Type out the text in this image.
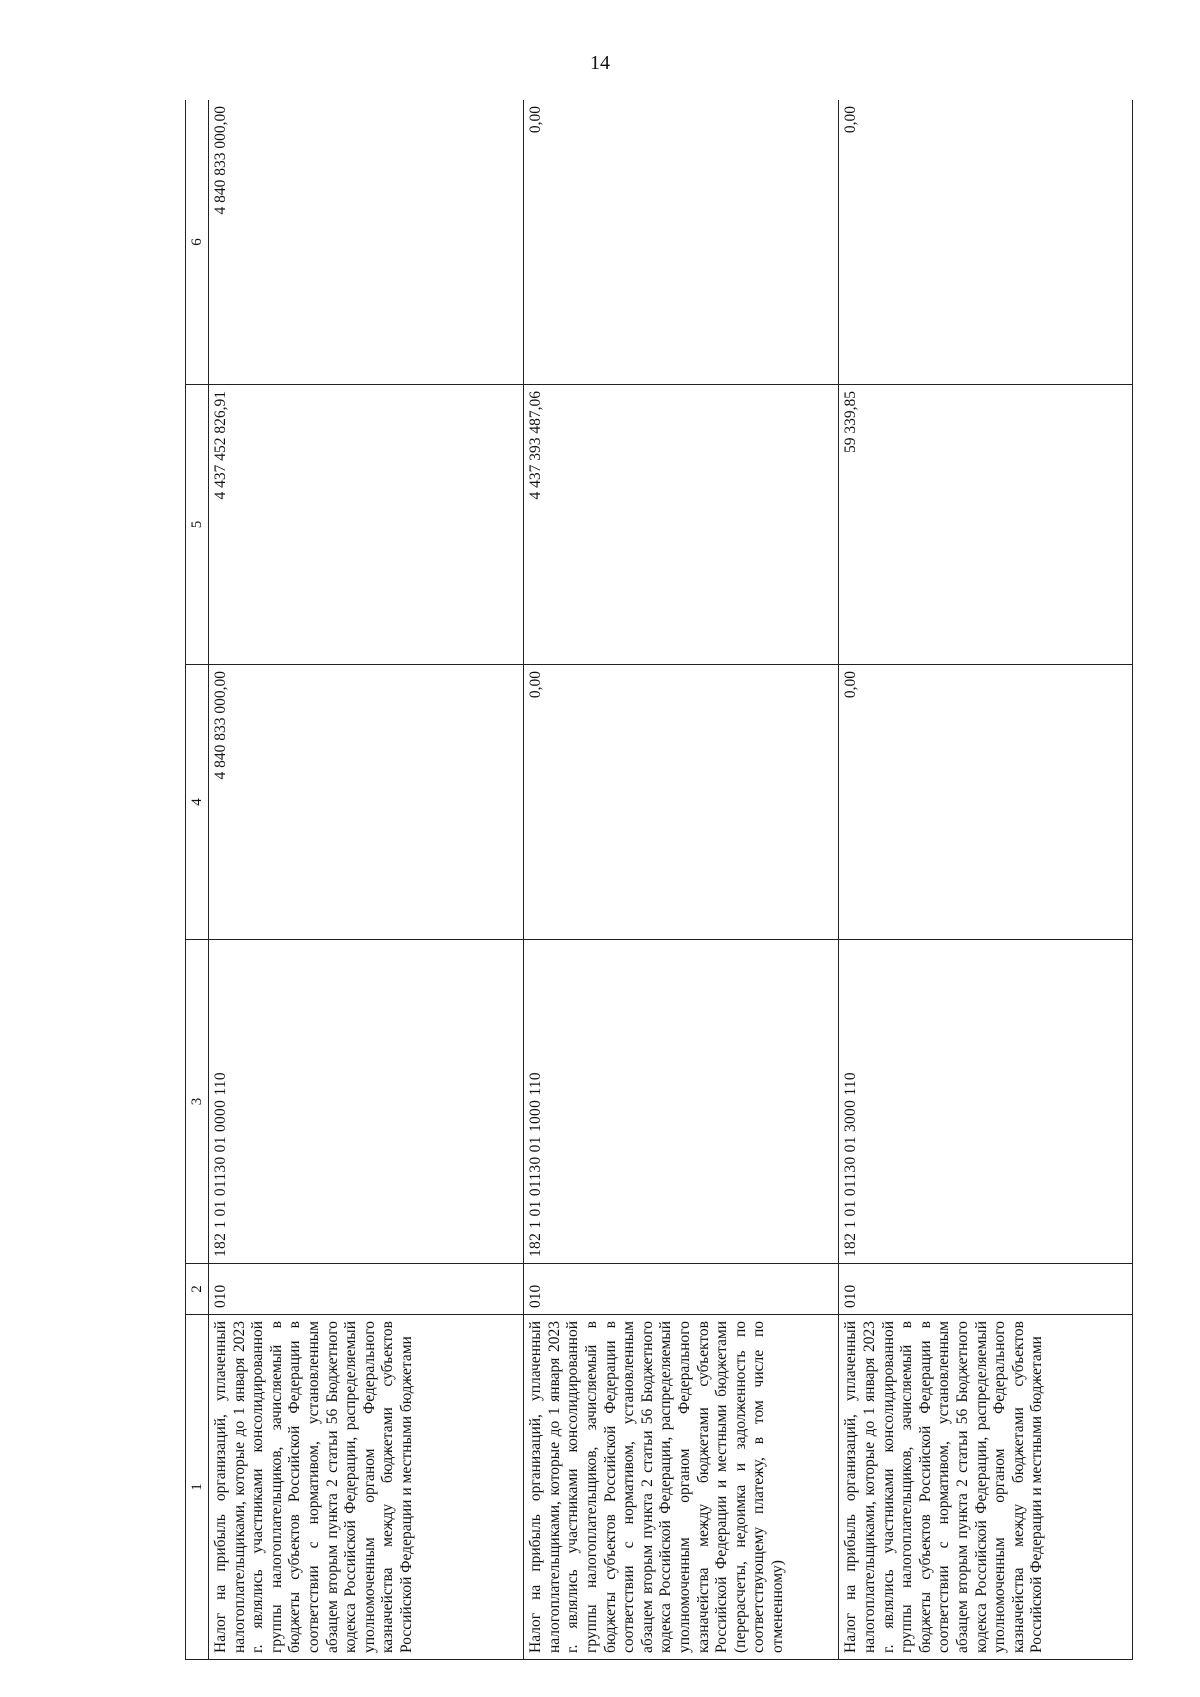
14
1	2	3	4	5	6
Налог на прибыль организаций, уплаченный налогоплательщиками, которые до 1 января 2023 г. являлись участниками консолидированной группы налогоплательщиков, зачисляемый в бюджеты субъектов Российской Федерации в соответствии с нормативом, установленным абзацем вторым пункта 2 статьи 56 Бюджетного кодекса Российской Федерации, распределяемый уполномоченным органом Федерального казначейства между бюджетами субъектов Российской Федерации и местными бюджетами	010	182 1 01 01130 01 0000 110	4 840 833 000,00	4 437 452 826,91	4 840 833 000,00
Налог на прибыль организаций, уплаченный налогоплательщиками, которые до 1 января 2023 г. являлись участниками консолидированной группы налогоплательщиков, зачисляемый в бюджеты субъектов Российской Федерации в соответствии с нормативом, установленным абзацем вторым пункта 2 статьи 56 Бюджетного кодекса Российской Федерации, распределяемый уполномоченным органом Федерального казначейства между бюджетами субъектов Российской Федерации и местными бюджетами (перерасчеты, недоимка и задолженность по соответствующему платежу, в том числе по отмененному)	010	182 1 01 01130 01 1000 110	0,00	4 437 393 487,06	0,00
Налог на прибыль организаций, уплаченный налогоплательщиками, которые до 1 января 2023 г. являлись участниками консолидированной группы налогоплательщиков, зачисляемый в бюджеты субъектов Российской Федерации в соответствии с нормативом, установленным абзацем вторым пункта 2 статьи 56 Бюджетного кодекса Российской Федерации, распределяемый уполномоченным органом Федерального казначейства между бюджетами субъектов Российской Федерации и местными бюджетами	010	182 1 01 01130 01 3000 110	0,00	59 339,85	0,00
